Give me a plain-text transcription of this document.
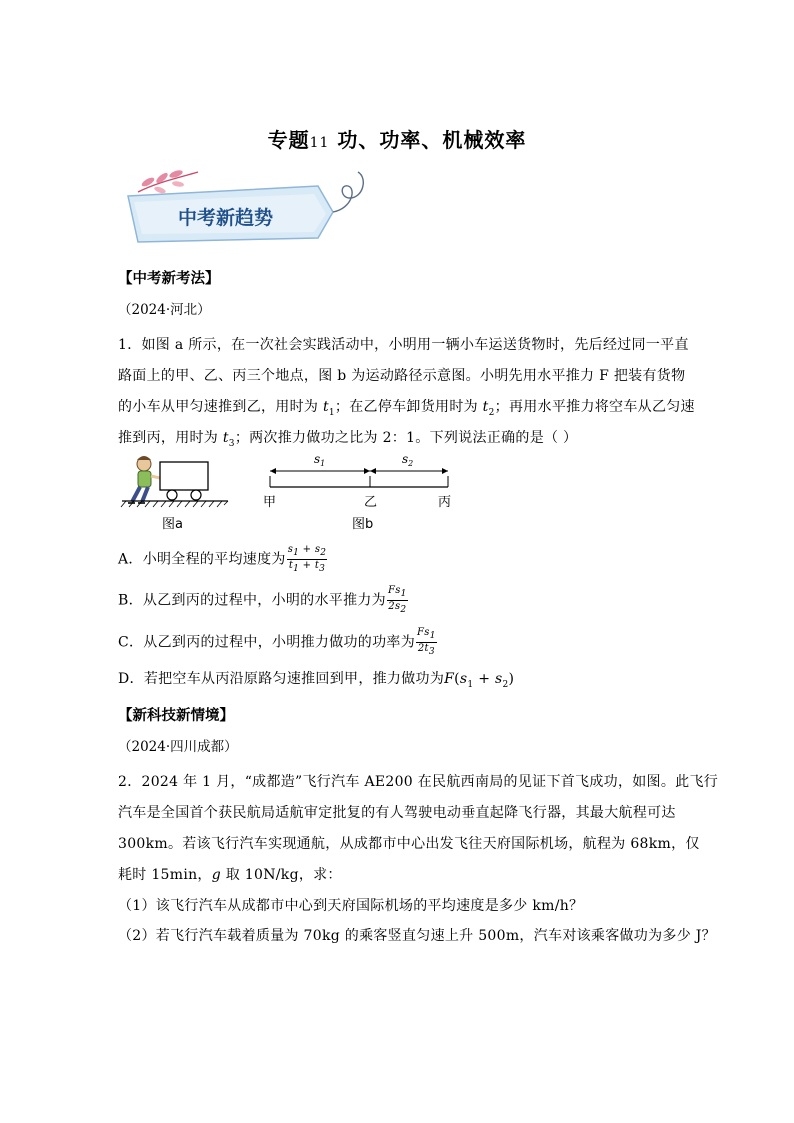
专题11 功、功率、机械效率
中考新趋势
【中考新考法】
（2024·河北）
1．如图 a 所示，在一次社会实践活动中，小明用一辆小车运送货物时，先后经过同一平直
路面上的甲、乙、丙三个地点，图 b 为运动路径示意图。小明先用水平推力 F 把装有货物
的小车从甲匀速推到乙，用时为 $t_1$；在乙停车卸货用时为 $t_2$；再用水平推力将空车从乙匀速
推到丙，用时为 $t_3$；两次推力做功之比为 2：1。下列说法正确的是（ ）
图a
$s_1$	$s_2$
甲	乙	丙
图b
A．小明全程的平均速度为 $\frac{s_1 + s_2}{t_1 + t_3}$
B．从乙到丙的过程中，小明的水平推力为 $\frac{Fs_1}{2s_2}$
C．从乙到丙的过程中，小明推力做功的功率为 $\frac{Fs_1}{2t_3}$
D．若把空车从丙沿原路匀速推回到甲，推力做功为$F(s_1 + s_2)$
【新科技新情境】
（2024·四川成都）
2．2024 年 1 月，“成都造”飞行汽车 AE200 在民航西南局的见证下首飞成功，如图。此飞行
汽车是全国首个获民航局适航审定批复的有人驾驶电动垂直起降飞行器，其最大航程可达
300km。若该飞行汽车实现通航，从成都市中心出发飞往天府国际机场，航程为 68km，仅
耗时 15min，g 取 10N/kg，求：
（1）该飞行汽车从成都市中心到天府国际机场的平均速度是多少 km/h？
（2）若飞行汽车载着质量为 70kg 的乘客竖直匀速上升 500m，汽车对该乘客做功为多少 J？
